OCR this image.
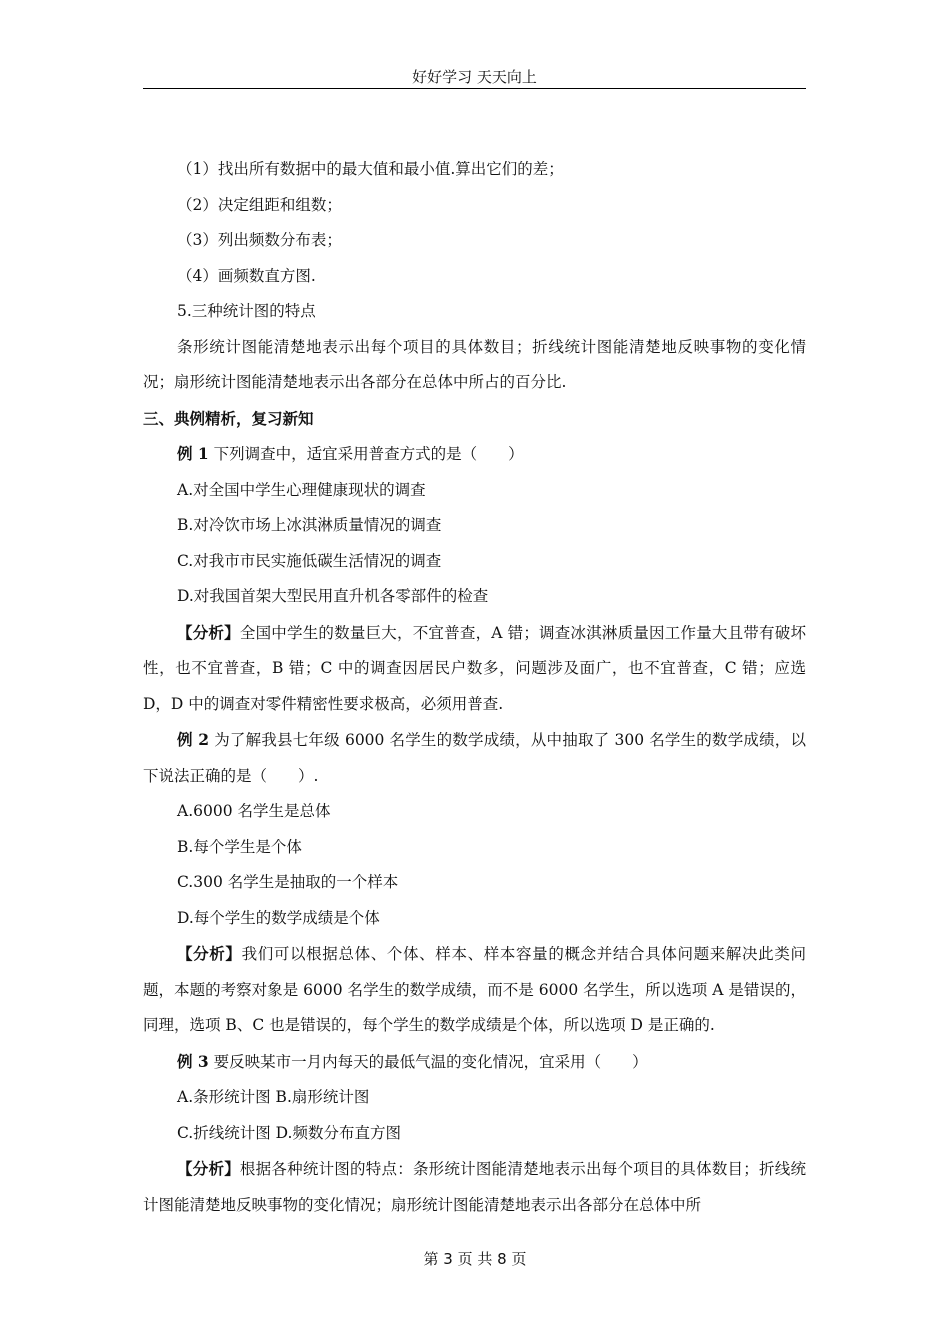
好好学习 天天向上

（1）找出所有数据中的最大值和最小值.算出它们的差；

（2）决定组距和组数；

（3）列出频数分布表；

（4）画频数直方图.

5.三种统计图的特点

条形统计图能清楚地表示出每个项目的具体数目；折线统计图能清楚地反映事物的变化情况；扇形统计图能清楚地表示出各部分在总体中所占的百分比.

三、典例精析，复习新知

例 1 下列调查中，适宜采用普查方式的是（　　）

A.对全国中学生心理健康现状的调查

B.对冷饮市场上冰淇淋质量情况的调查

C.对我市市民实施低碳生活情况的调查

D.对我国首架大型民用直升机各零部件的检查

【分析】全国中学生的数量巨大，不宜普查，A 错；调查冰淇淋质量因工作量大且带有破坏性，也不宜普查，B 错；C 中的调查因居民户数多，问题涉及面广，也不宜普查，C 错；应选 D，D 中的调查对零件精密性要求极高，必须用普查.

例 2 为了解我县七年级 6000 名学生的数学成绩，从中抽取了 300 名学生的数学成绩，以下说法正确的是（　　）.

A.6000 名学生是总体

B.每个学生是个体

C.300 名学生是抽取的一个样本

D.每个学生的数学成绩是个体

【分析】我们可以根据总体、个体、样本、样本容量的概念并结合具体问题来解决此类问题，本题的考察对象是 6000 名学生的数学成绩，而不是 6000 名学生，所以选项 A 是错误的，同理，选项 B、C 也是错误的，每个学生的数学成绩是个体，所以选项 D 是正确的.

例 3 要反映某市一月内每天的最低气温的变化情况，宜采用（　　）

A.条形统计图 B.扇形统计图

C.折线统计图 D.频数分布直方图

【分析】根据各种统计图的特点：条形统计图能清楚地表示出每个项目的具体数目；折线统计图能清楚地反映事物的变化情况；扇形统计图能清楚地表示出各部分在总体中所

第 3 页 共 8 页
